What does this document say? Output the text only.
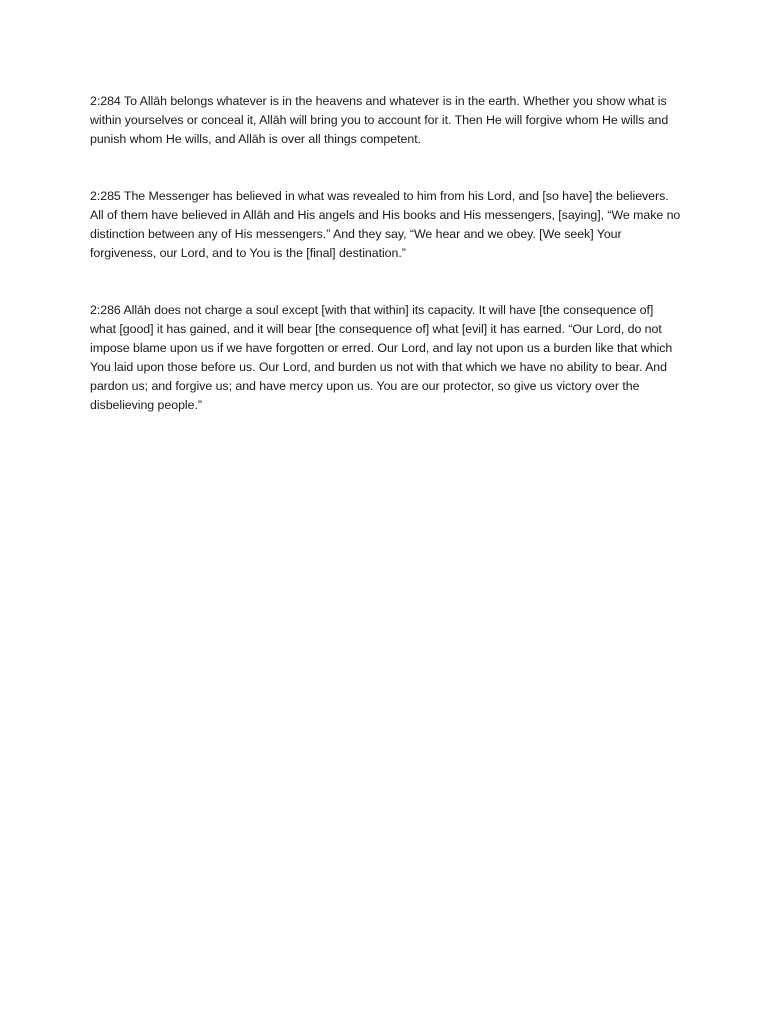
2:284 To Allāh belongs whatever is in the heavens and whatever is in the earth. Whether you show what is within yourselves or conceal it, Allāh will bring you to account for it. Then He will forgive whom He wills and punish whom He wills, and Allāh is over all things competent.

2:285 The Messenger has believed in what was revealed to him from his Lord, and [so have] the believers. All of them have believed in Allāh and His angels and His books and His messengers, [saying], “We make no distinction between any of His messengers.” And they say, “We hear and we obey. [We seek] Your forgiveness, our Lord, and to You is the [final] destination.”

2:286 Allāh does not charge a soul except [with that within] its capacity. It will have [the consequence of] what [good] it has gained, and it will bear [the consequence of] what [evil] it has earned. “Our Lord, do not impose blame upon us if we have forgotten or erred. Our Lord, and lay not upon us a burden like that which You laid upon those before us. Our Lord, and burden us not with that which we have no ability to bear. And pardon us; and forgive us; and have mercy upon us. You are our protector, so give us victory over the disbelieving people.”
